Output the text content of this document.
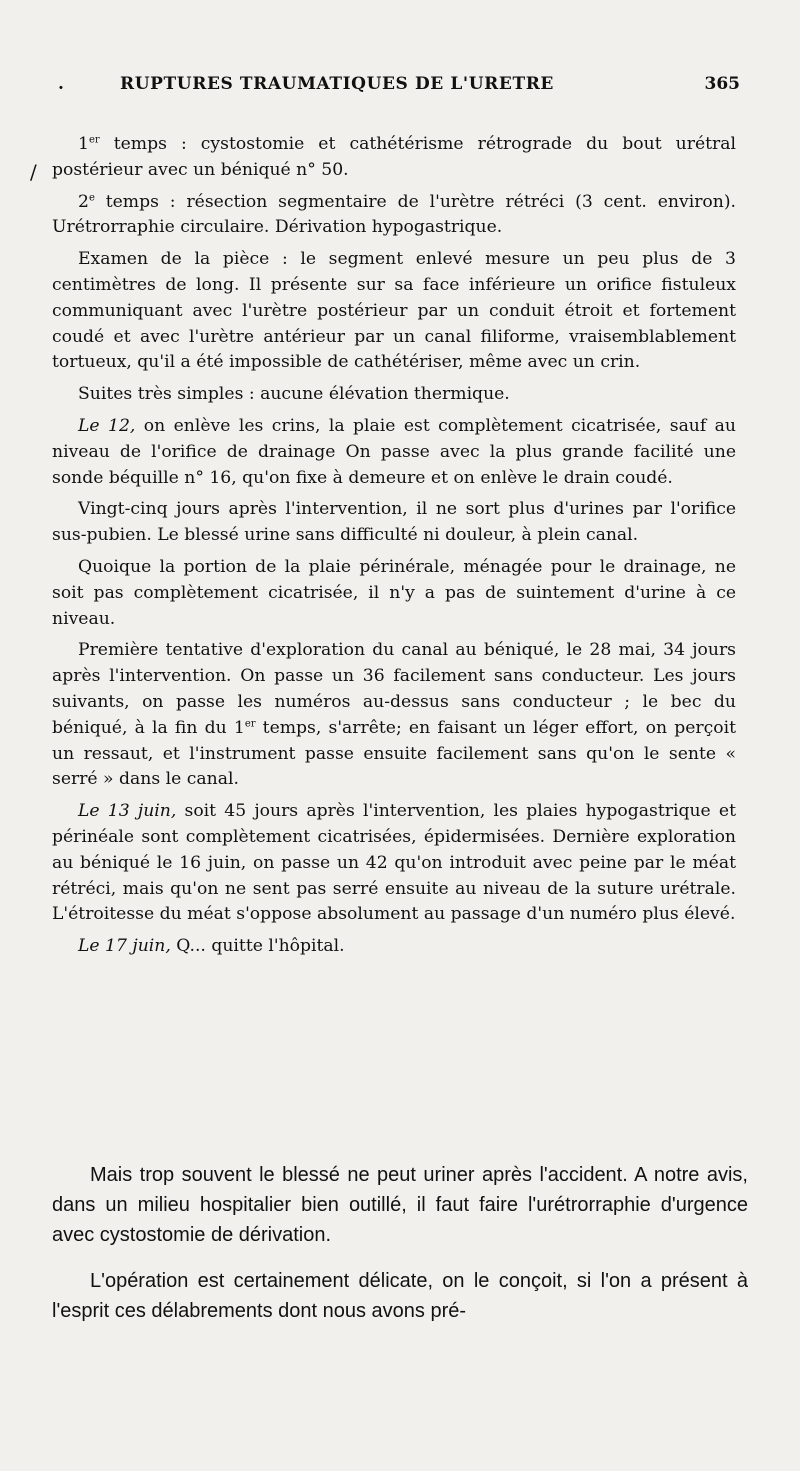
.	RUPTURES TRAUMATIQUES DE L'URETRE	365
/

1er temps : cystostomie et cathétérisme rétrograde du bout urétral postérieur avec un béniqué n° 50.

2e temps : résection segmentaire de l'urètre rétréci (3 cent. environ). Urétrorraphie circulaire. Dérivation hypogastrique.

Examen de la pièce : le segment enlevé mesure un peu plus de 3 centimètres de long. Il présente sur sa face inférieure un orifice fistuleux communiquant avec l'urètre postérieur par un conduit étroit et fortement coudé et avec l'urètre antérieur par un canal filiforme, vraisemblablement tortueux, qu'il a été impossible de cathétériser, même avec un crin.

Suites très simples : aucune élévation thermique.

Le 12, on enlève les crins, la plaie est complètement cicatrisée, sauf au niveau de l'orifice de drainage On passe avec la plus grande facilité une sonde béquille n° 16, qu'on fixe à demeure et on enlève le drain coudé.

Vingt-cinq jours après l'intervention, il ne sort plus d'urines par l'orifice sus-pubien. Le blessé urine sans difficulté ni douleur, à plein canal.

Quoique la portion de la plaie périnérale, ménagée pour le drainage, ne soit pas complètement cicatrisée, il n'y a pas de suintement d'urine à ce niveau.

Première tentative d'exploration du canal au béniqué, le 28 mai, 34 jours après l'intervention. On passe un 36 facilement sans conducteur. Les jours suivants, on passe les numéros au-dessus sans conducteur ; le bec du béniqué, à la fin du 1er temps, s'arrête; en faisant un léger effort, on perçoit un ressaut, et l'instrument passe ensuite facilement sans qu'on le sente « serré » dans le canal.

Le 13 juin, soit 45 jours après l'intervention, les plaies hypogastrique et périnéale sont complètement cicatrisées, épidermisées. Dernière exploration au béniqué le 16 juin, on passe un 42 qu'on introduit avec peine par le méat rétréci, mais qu'on ne sent pas serré ensuite au niveau de la suture urétrale. L'étroitesse du méat s'oppose absolument au passage d'un numéro plus élevé.

Le 17 juin, Q... quitte l'hôpital.

Mais trop souvent le blessé ne peut uriner après l'accident. A notre avis, dans un milieu hospitalier bien outillé, il faut faire l'urétrorraphie d'urgence avec cystostomie de dérivation.

L'opération est certainement délicate, on le conçoit, si l'on a présent à l'esprit ces délabrements dont nous avons pré-
